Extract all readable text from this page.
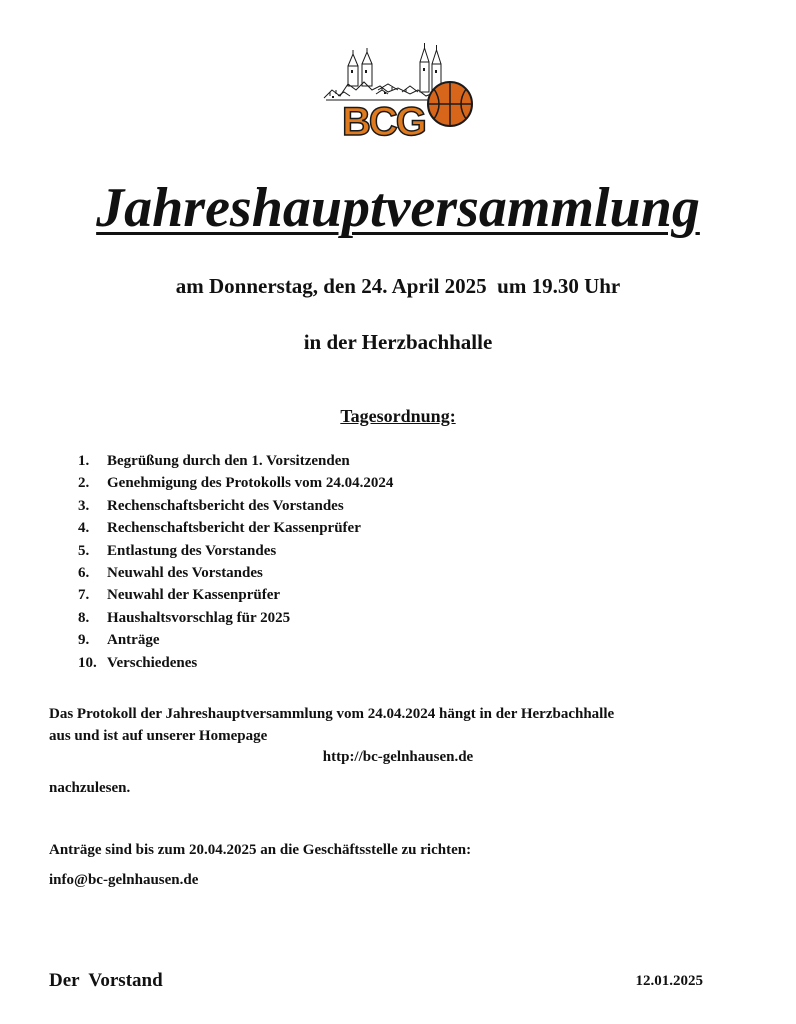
BCG
Jahreshauptversammlung
am Donnerstag, den 24. April 2025  um 19.30 Uhr
in der Herzbachhalle
Tagesordnung:
1. Begrüßung durch den 1. Vorsitzenden
2. Genehmigung des Protokolls vom 24.04.2024
3. Rechenschaftsbericht des Vorstandes
4. Rechenschaftsbericht der Kassenprüfer
5. Entlastung des Vorstandes
6. Neuwahl des Vorstandes
7. Neuwahl der Kassenprüfer
8. Haushaltsvorschlag für 2025
9. Anträge
10. Verschiedenes
Das Protokoll der Jahreshauptversammlung vom 24.04.2024 hängt in der Herzbachhalle
aus und ist auf unserer Homepage
http://bc-gelnhausen.de
nachzulesen.
Anträge sind bis zum 20.04.2025 an die Geschäftsstelle zu richten:
info@bc-gelnhausen.de
Der  Vorstand	12.01.2025
